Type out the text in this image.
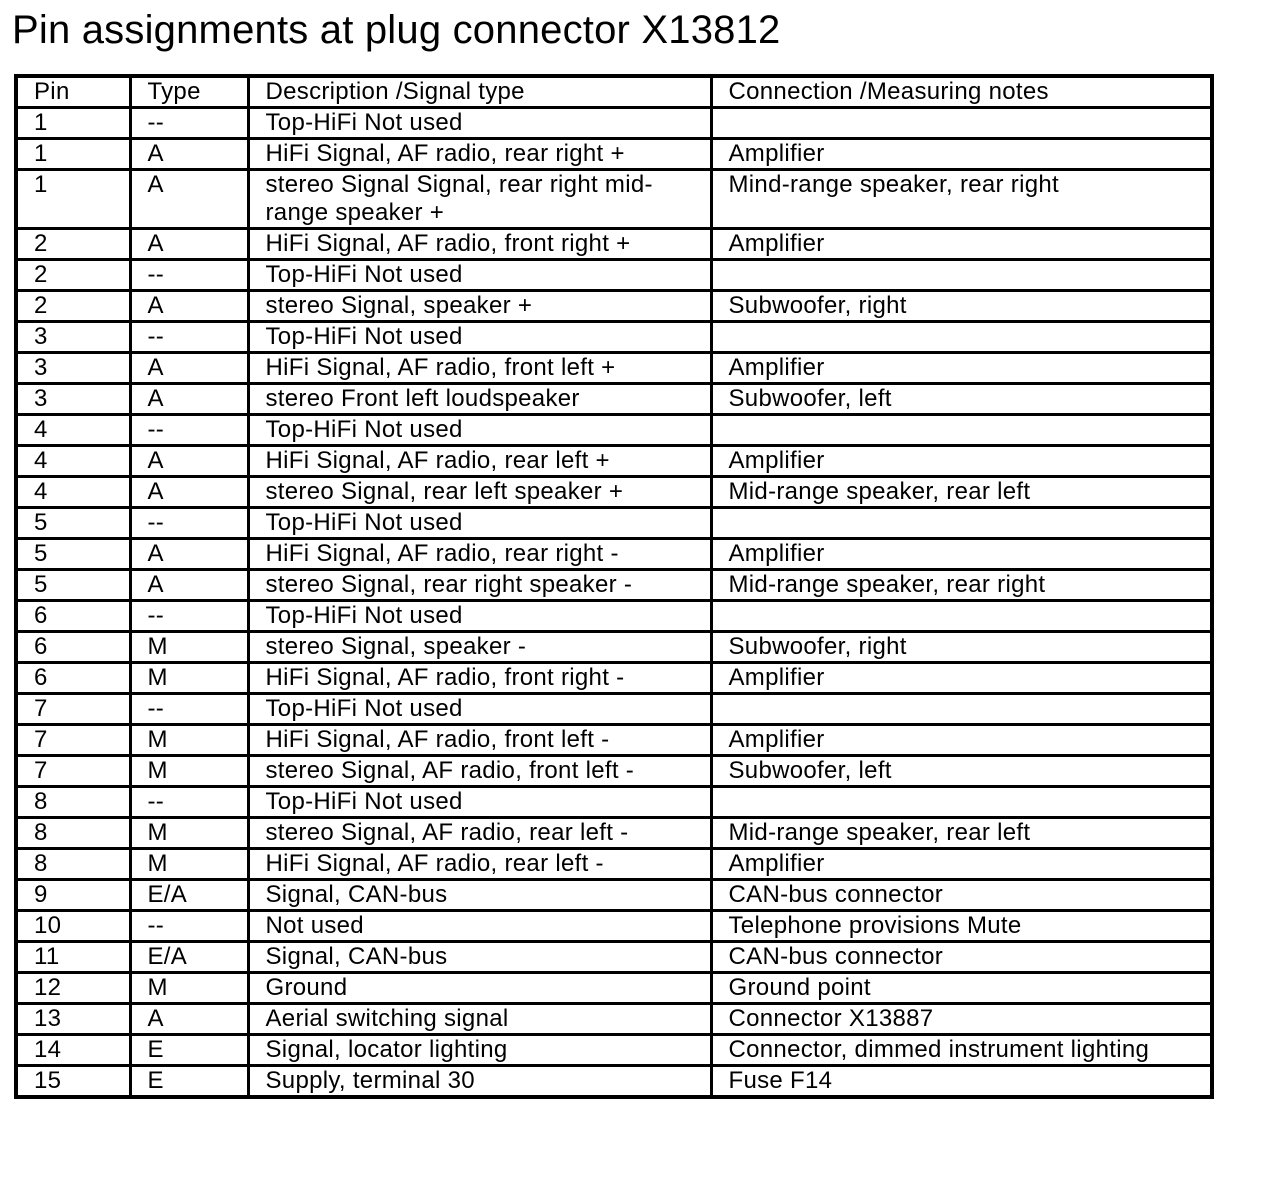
Pin assignments at plug connector X13812
Pin	Type	Description /Signal type	Connection /Measuring notes
1	--	Top-HiFi Not used	
1	A	HiFi Signal, AF radio, rear right +	Amplifier
1	A	stereo Signal Signal, rear right mid-range speaker +	Mind-range speaker, rear right
2	A	HiFi Signal, AF radio, front right +	Amplifier
2	--	Top-HiFi Not used	
2	A	stereo Signal, speaker +	Subwoofer, right
3	--	Top-HiFi Not used	
3	A	HiFi Signal, AF radio, front left +	Amplifier
3	A	stereo Front left loudspeaker	Subwoofer, left
4	--	Top-HiFi Not used	
4	A	HiFi Signal, AF radio, rear left +	Amplifier
4	A	stereo Signal, rear left speaker +	Mid-range speaker, rear left
5	--	Top-HiFi Not used	
5	A	HiFi Signal, AF radio, rear right -	Amplifier
5	A	stereo Signal, rear right speaker -	Mid-range speaker, rear right
6	--	Top-HiFi Not used	
6	M	stereo Signal, speaker -	Subwoofer, right
6	M	HiFi Signal, AF radio, front right -	Amplifier
7	--	Top-HiFi Not used	
7	M	HiFi Signal, AF radio, front left -	Amplifier
7	M	stereo Signal, AF radio, front left -	Subwoofer, left
8	--	Top-HiFi Not used	
8	M	stereo Signal, AF radio, rear left -	Mid-range speaker, rear left
8	M	HiFi Signal, AF radio, rear left -	Amplifier
9	E/A	Signal, CAN-bus	CAN-bus connector
10	--	Not used	Telephone provisions Mute
11	E/A	Signal, CAN-bus	CAN-bus connector
12	M	Ground	Ground point
13	A	Aerial switching signal	Connector X13887
14	E	Signal, locator lighting	Connector, dimmed instrument lighting
15	E	Supply, terminal 30	Fuse F14
